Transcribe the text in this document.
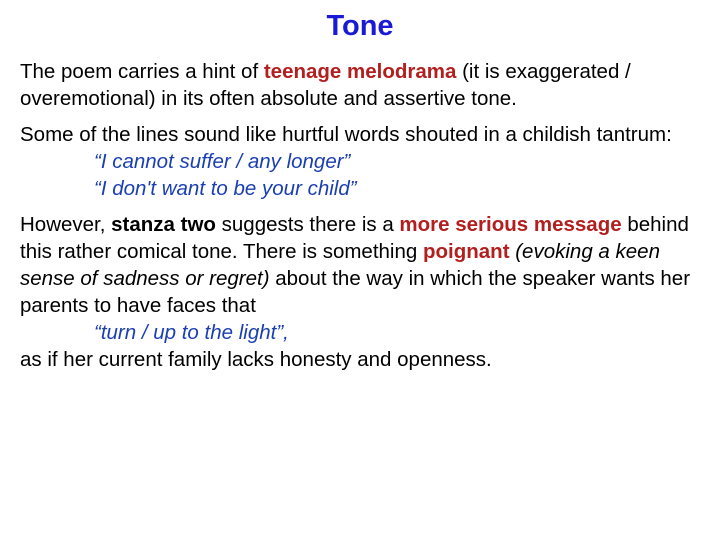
Tone

The poem carries a hint of teenage melodrama (it is exaggerated / overemotional) in its often absolute and assertive tone.

Some of the lines sound like hurtful words shouted in a childish tantrum:
“I cannot suffer / any longer”
“I don't want to be your child”

However, stanza two suggests there is a more serious message behind this rather comical tone. There is something poignant (evoking a keen sense of sadness or regret) about the way in which the speaker wants her parents to have faces that
“turn / up to the light”,
as if her current family lacks honesty and openness.
